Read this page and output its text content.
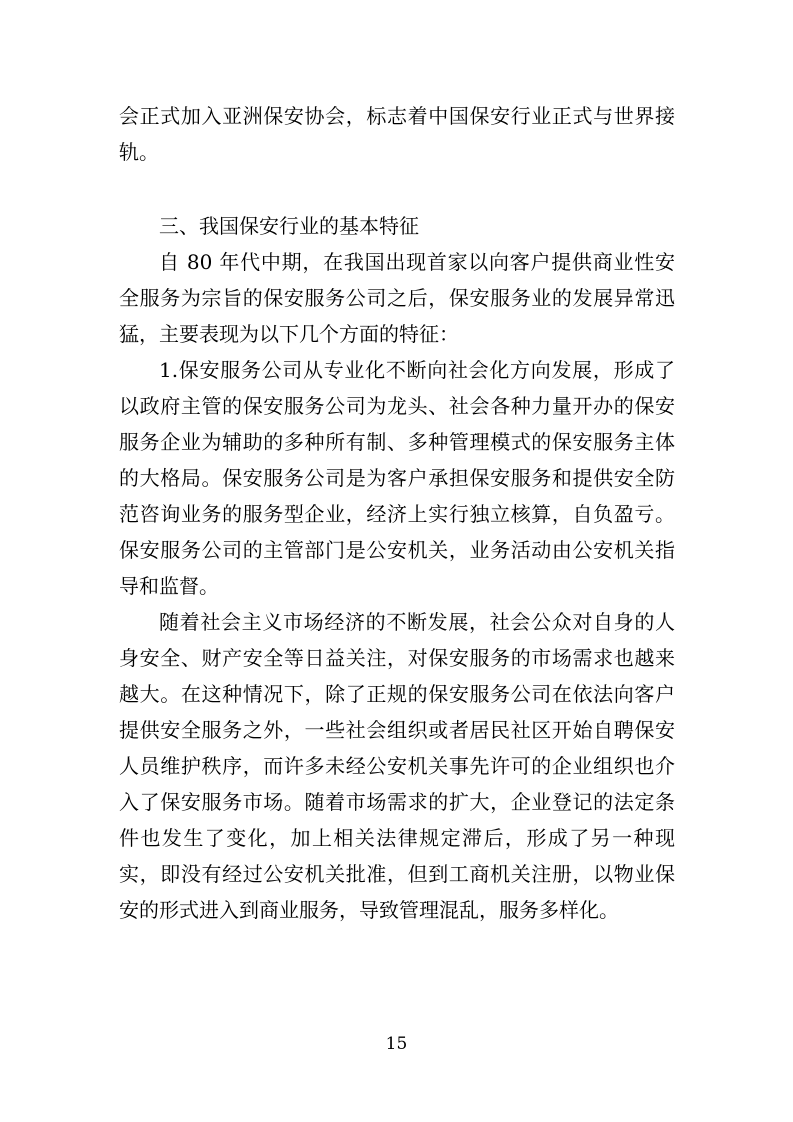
会正式加入亚洲保安协会，标志着中国保安行业正式与世界接轨。

三、我国保安行业的基本特征

自 80 年代中期，在我国出现首家以向客户提供商业性安全服务为宗旨的保安服务公司之后，保安服务业的发展异常迅猛，主要表现为以下几个方面的特征：

1.保安服务公司从专业化不断向社会化方向发展，形成了以政府主管的保安服务公司为龙头、社会各种力量开办的保安服务企业为辅助的多种所有制、多种管理模式的保安服务主体的大格局。保安服务公司是为客户承担保安服务和提供安全防范咨询业务的服务型企业，经济上实行独立核算，自负盈亏。保安服务公司的主管部门是公安机关，业务活动由公安机关指导和监督。

随着社会主义市场经济的不断发展，社会公众对自身的人身安全、财产安全等日益关注，对保安服务的市场需求也越来越大。在这种情况下，除了正规的保安服务公司在依法向客户提供安全服务之外，一些社会组织或者居民社区开始自聘保安人员维护秩序，而许多未经公安机关事先许可的企业组织也介入了保安服务市场。随着市场需求的扩大，企业登记的法定条件也发生了变化，加上相关法律规定滞后，形成了另一种现实，即没有经过公安机关批准，但到工商机关注册，以物业保安的形式进入到商业服务，导致管理混乱，服务多样化。

15
